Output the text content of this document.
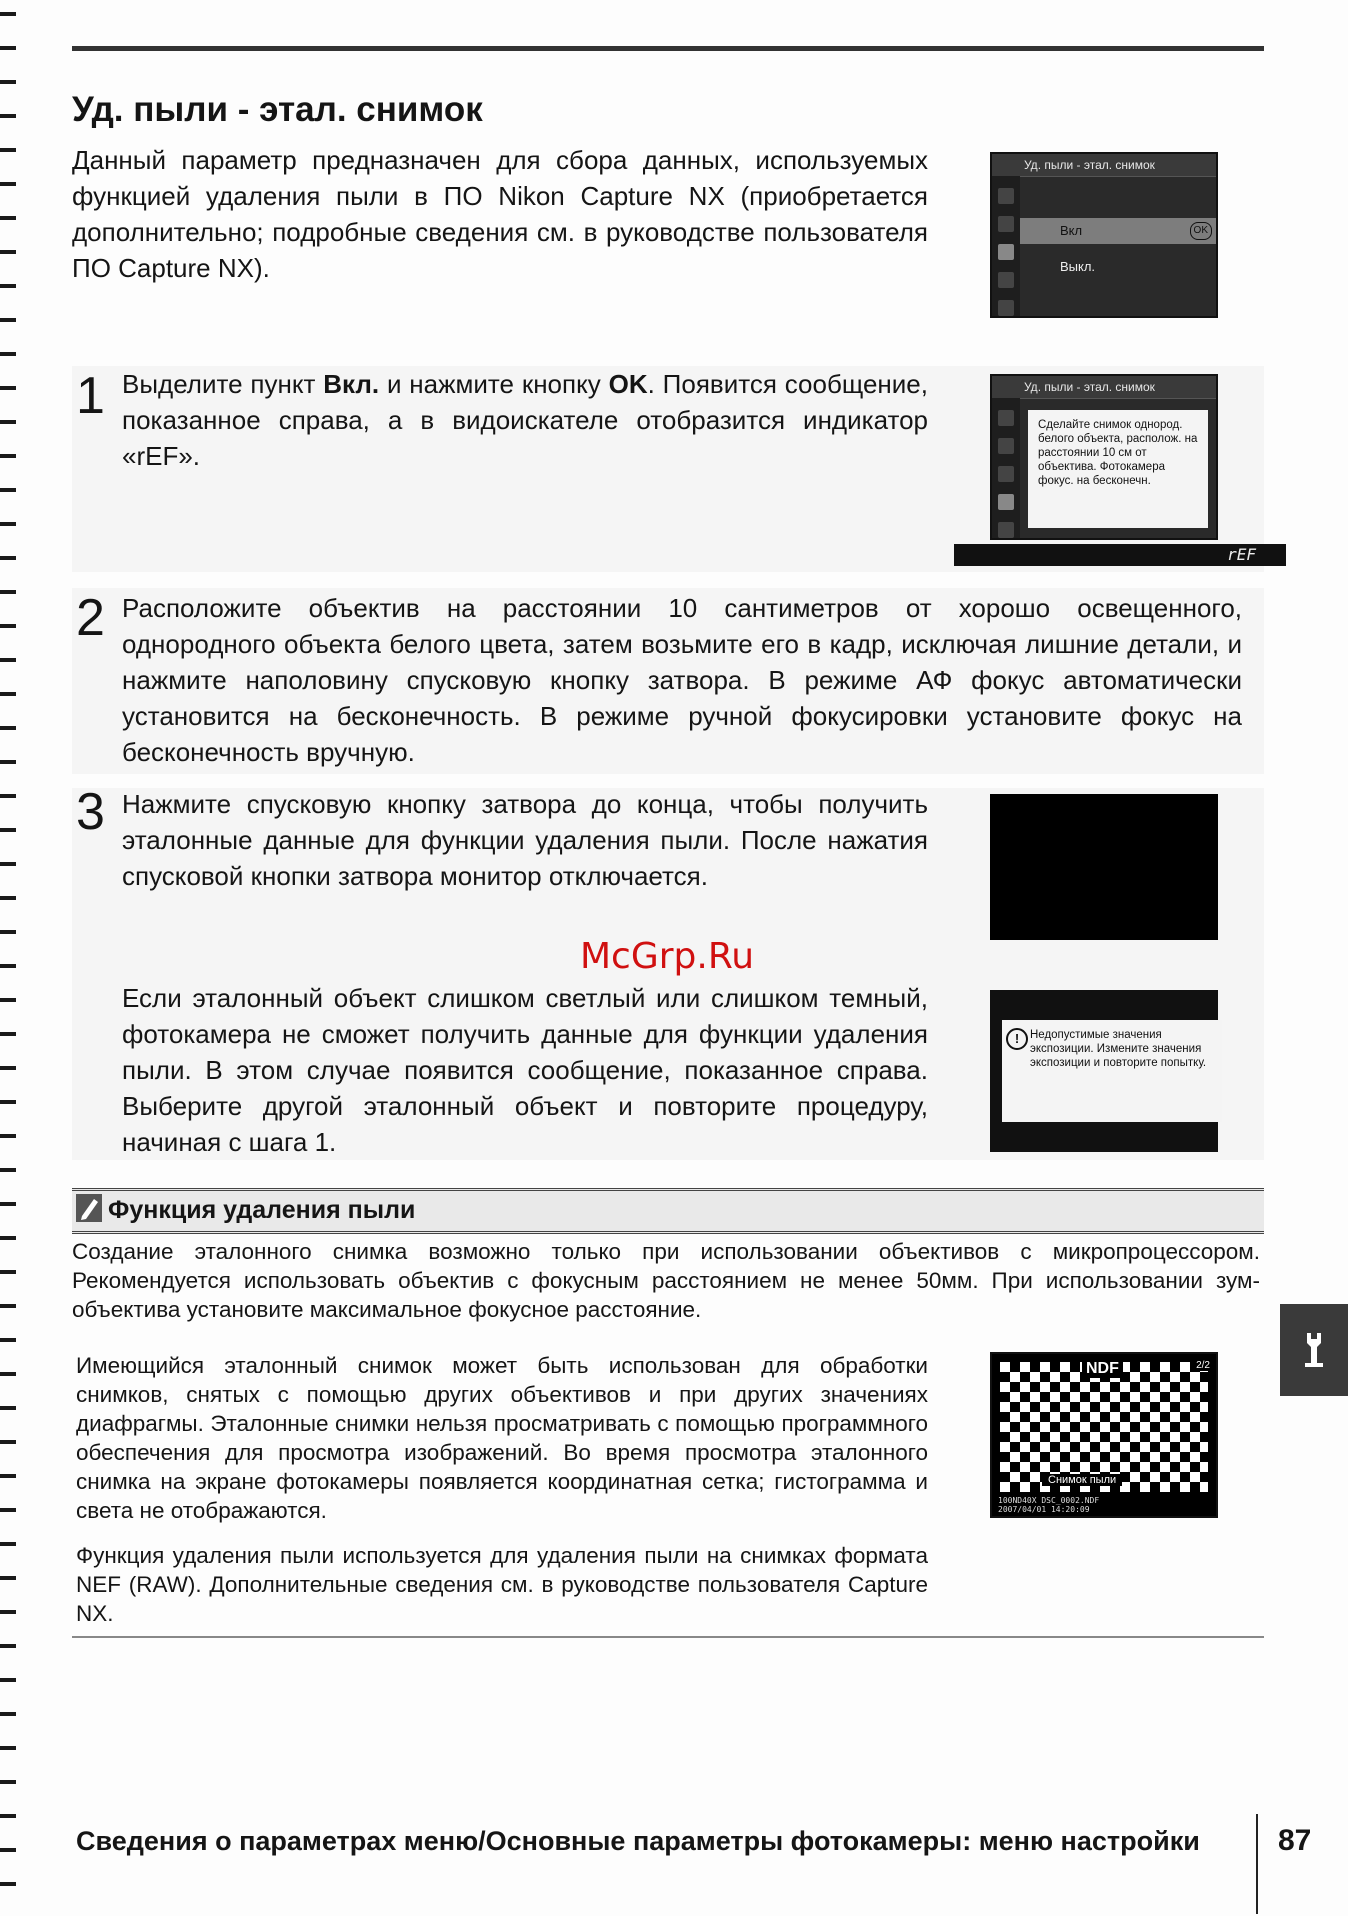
Уд. пыли - этал. снимок

Данный параметр предназначен для сбора данных, используемых функцией удаления пыли в ПО Nikon Capture NX (приобретается дополнительно; подробные сведения см. в руководстве пользователя ПО Capture NX).

Уд. пыли - этал. снимок
Вкл	OK
Выкл.
1 Выделите пункт Вкл. и нажмите кнопку OK. Появится сообщение, показанное справа, а в видоискателе отобразится индикатор «rEF».

Уд. пыли - этал. снимок
Сделайте снимок однород. белого объекта, располож. на расстоянии 10 см от объектива. Фотокамера фокус. на бесконечн.
rEF
2 Расположите объектив на расстоянии 10 сантиметров от хорошо освещенного, однородного объекта белого цвета, затем возьмите его в кадр, исключая лишние детали, и нажмите наполовину спусковую кнопку затвора. В режиме АФ фокус автоматически установится на бесконечность. В режиме ручной фокусировки установите фокус на бесконечность вручную.

3 Нажмите спусковую кнопку затвора до конца, чтобы получить эталонные данные для функции удаления пыли. После нажатия спусковой кнопки затвора монитор отключается.

McGrp.Ru

Если эталонный объект слишком светлый или слишком темный, фотокамера не сможет получить данные для функции удаления пыли. В этом случае появится сообщение, показанное справа. Выберите другой эталонный объект и повторите процедуру, начиная с шага 1.

! Недопустимые значения экспозиции. Измените значения экспозиции и повторите попытку.
Функция удаления пыли

Создание эталонного снимка возможно только при использовании объективов с микропроцессором. Рекомендуется использовать объектив с фокусным расстоянием не менее 50мм. При использовании зум-объектива установите максимальное фокусное расстояние.

Имеющийся эталонный снимок может быть использован для обработки снимков, снятых с помощью других объективов и при других значениях диафрагмы. Эталонные снимки нельзя просматривать с помощью программного обеспечения для просмотра изображений. Во время просмотра эталонного снимка на экране фотокамеры появляется координатная сетка; гистограмма и света не отображаются.

Функция удаления пыли используется для удаления пыли на снимках формата NEF (RAW). Дополнительные сведения см. в руководстве пользователя Capture NX.

NDF	2/2
Снимок пыли
100ND40X DSC_0002.NDF
2007/04/01 14:20:09
Сведения о параметрах меню/Основные параметры фотокамеры: меню настройки	87
